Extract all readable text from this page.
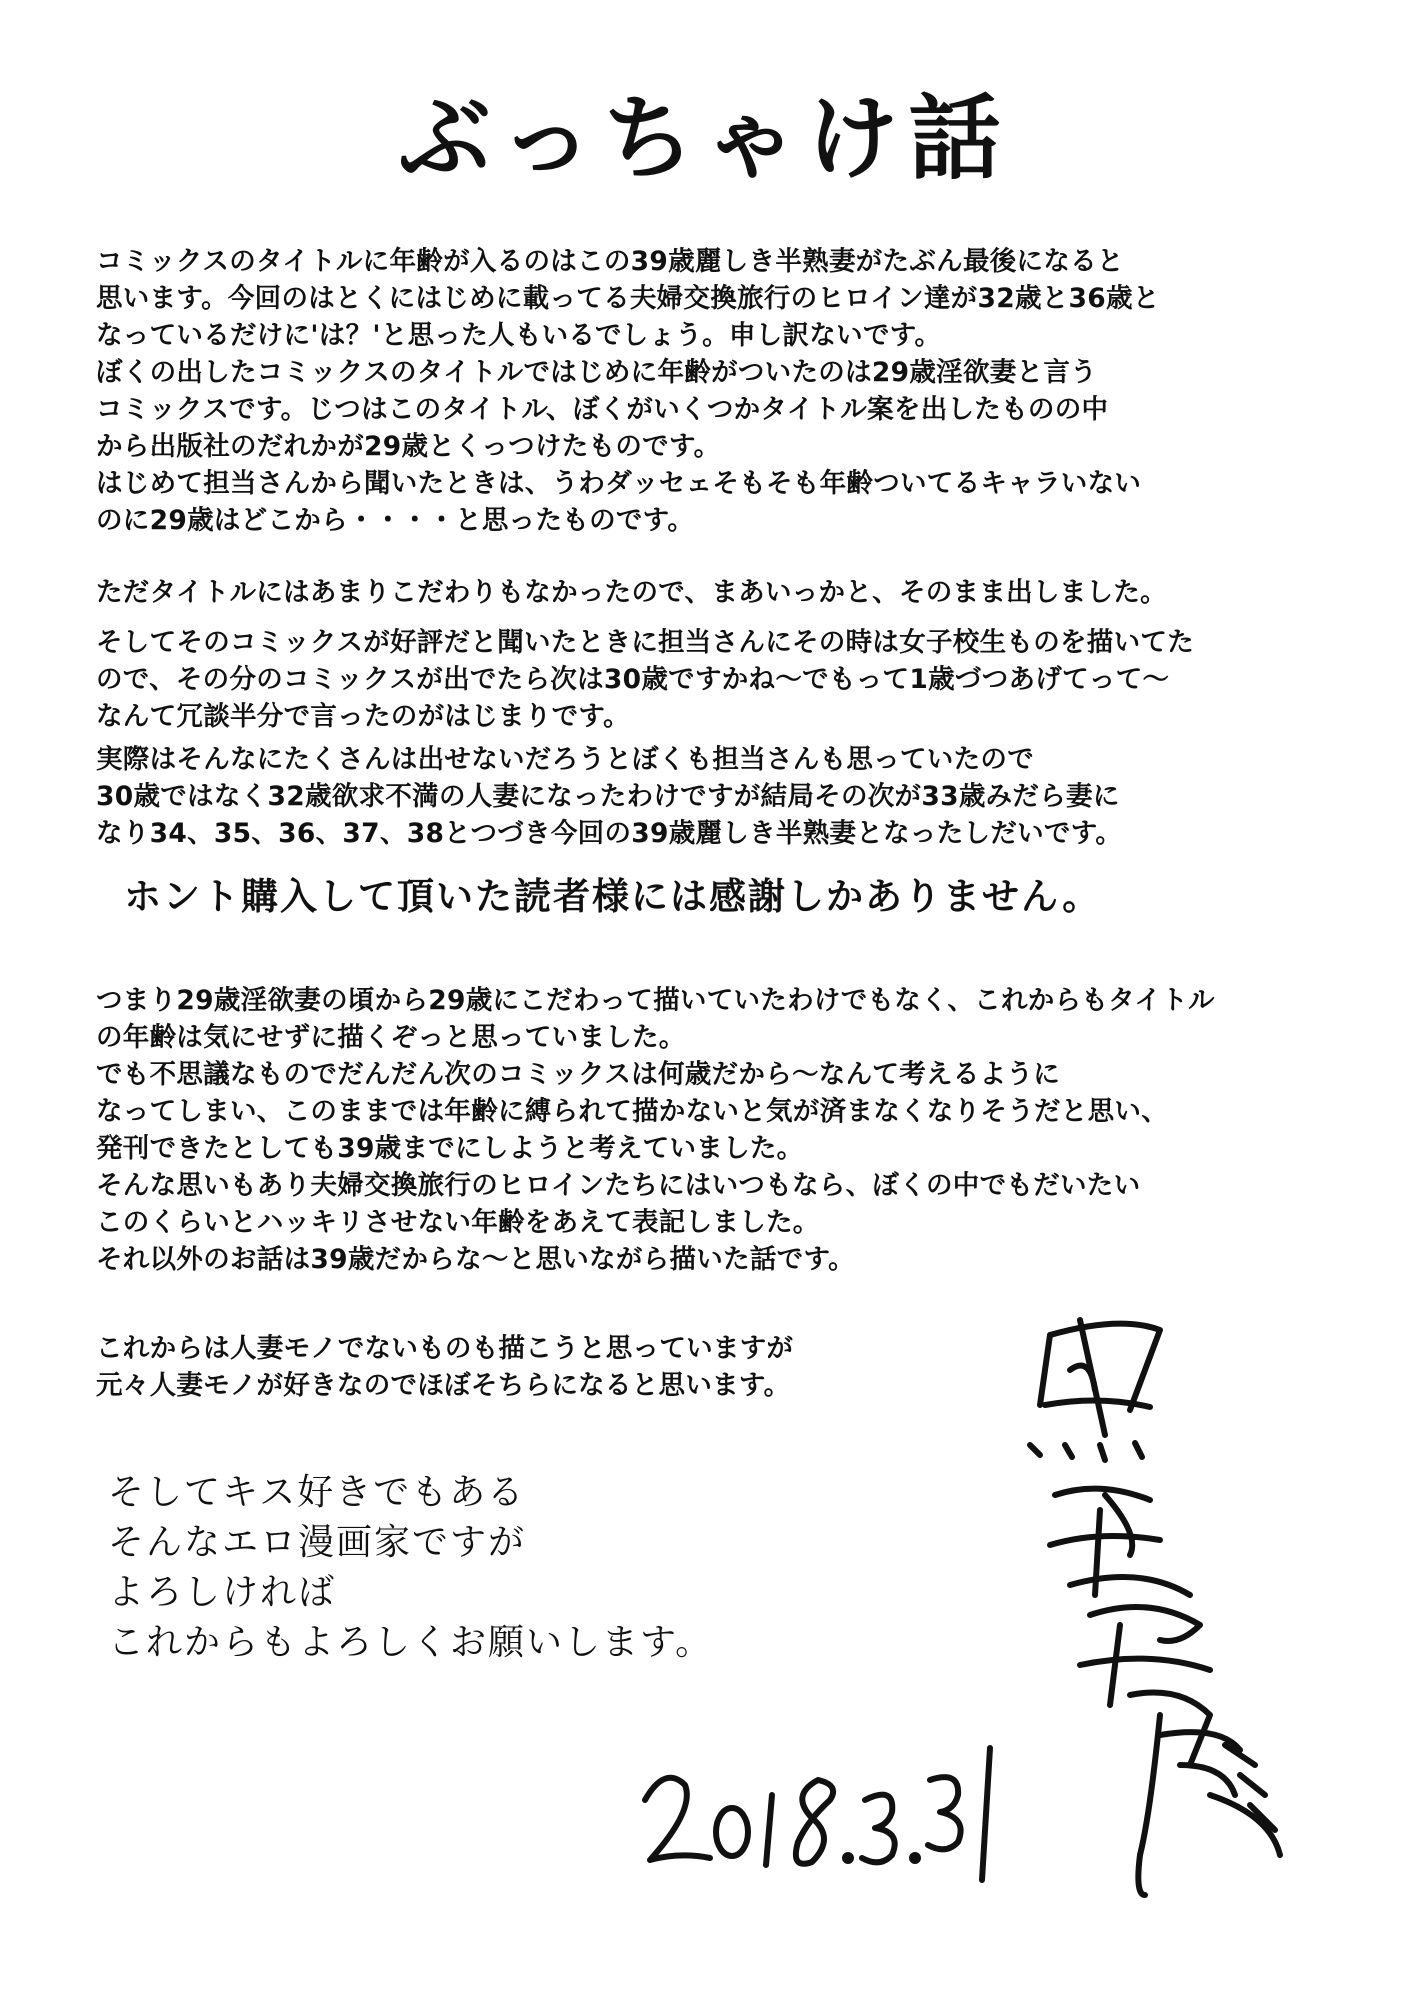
ぶっちゃけ話
コミックスのタイトルに年齢が入るのはこの39歳麗しき半熟妻がたぶん最後になると
思います。今回のはとくにはじめに載ってる夫婦交換旅行のヒロイン達が32歳と36歳と
なっているだけに'は？'と思った人もいるでしょう。申し訳ないです。
ぼくの出したコミックスのタイトルではじめに年齢がついたのは29歳淫欲妻と言う
コミックスです。じつはこのタイトル、ぼくがいくつかタイトル案を出したものの中
から出版社のだれかが29歳とくっつけたものです。
はじめて担当さんから聞いたときは、うわダッセェそもそも年齢ついてるキャラいない
のに29歳はどこから・・・・と思ったものです。
ただタイトルにはあまりこだわりもなかったので、まあいっかと、そのまま出しました。
そしてそのコミックスが好評だと聞いたときに担当さんにその時は女子校生ものを描いてた
ので、その分のコミックスが出でたら次は30歳ですかね～でもって1歳づつあげてって～
なんて冗談半分で言ったのがはじまりです。
実際はそんなにたくさんは出せないだろうとぼくも担当さんも思っていたので
30歳ではなく32歳欲求不満の人妻になったわけですが結局その次が33歳みだら妻に
なり34、35、36、37、38とつづき今回の39歳麗しき半熟妻となったしだいです。
ホント購入して頂いた読者様には感謝しかありません。
つまり29歳淫欲妻の頃から29歳にこだわって描いていたわけでもなく、これからもタイトル
の年齢は気にせずに描くぞっと思っていました。
でも不思議なものでだんだん次のコミックスは何歳だから～なんて考えるように
なってしまい、このままでは年齢に縛られて描かないと気が済まなくなりそうだと思い、
発刊できたとしても39歳までにしようと考えていました。
そんな思いもあり夫婦交換旅行のヒロインたちにはいつもなら、ぼくの中でもだいたい
このくらいとハッキリさせない年齢をあえて表記しました。
それ以外のお話は39歳だからな～と思いながら描いた話です。
これからは人妻モノでないものも描こうと思っていますが
元々人妻モノが好きなのでほぼそちらになると思います。
そしてキス好きでもある
そんなエロ漫画家ですが
よろしければ
これからもよろしくお願いします。
